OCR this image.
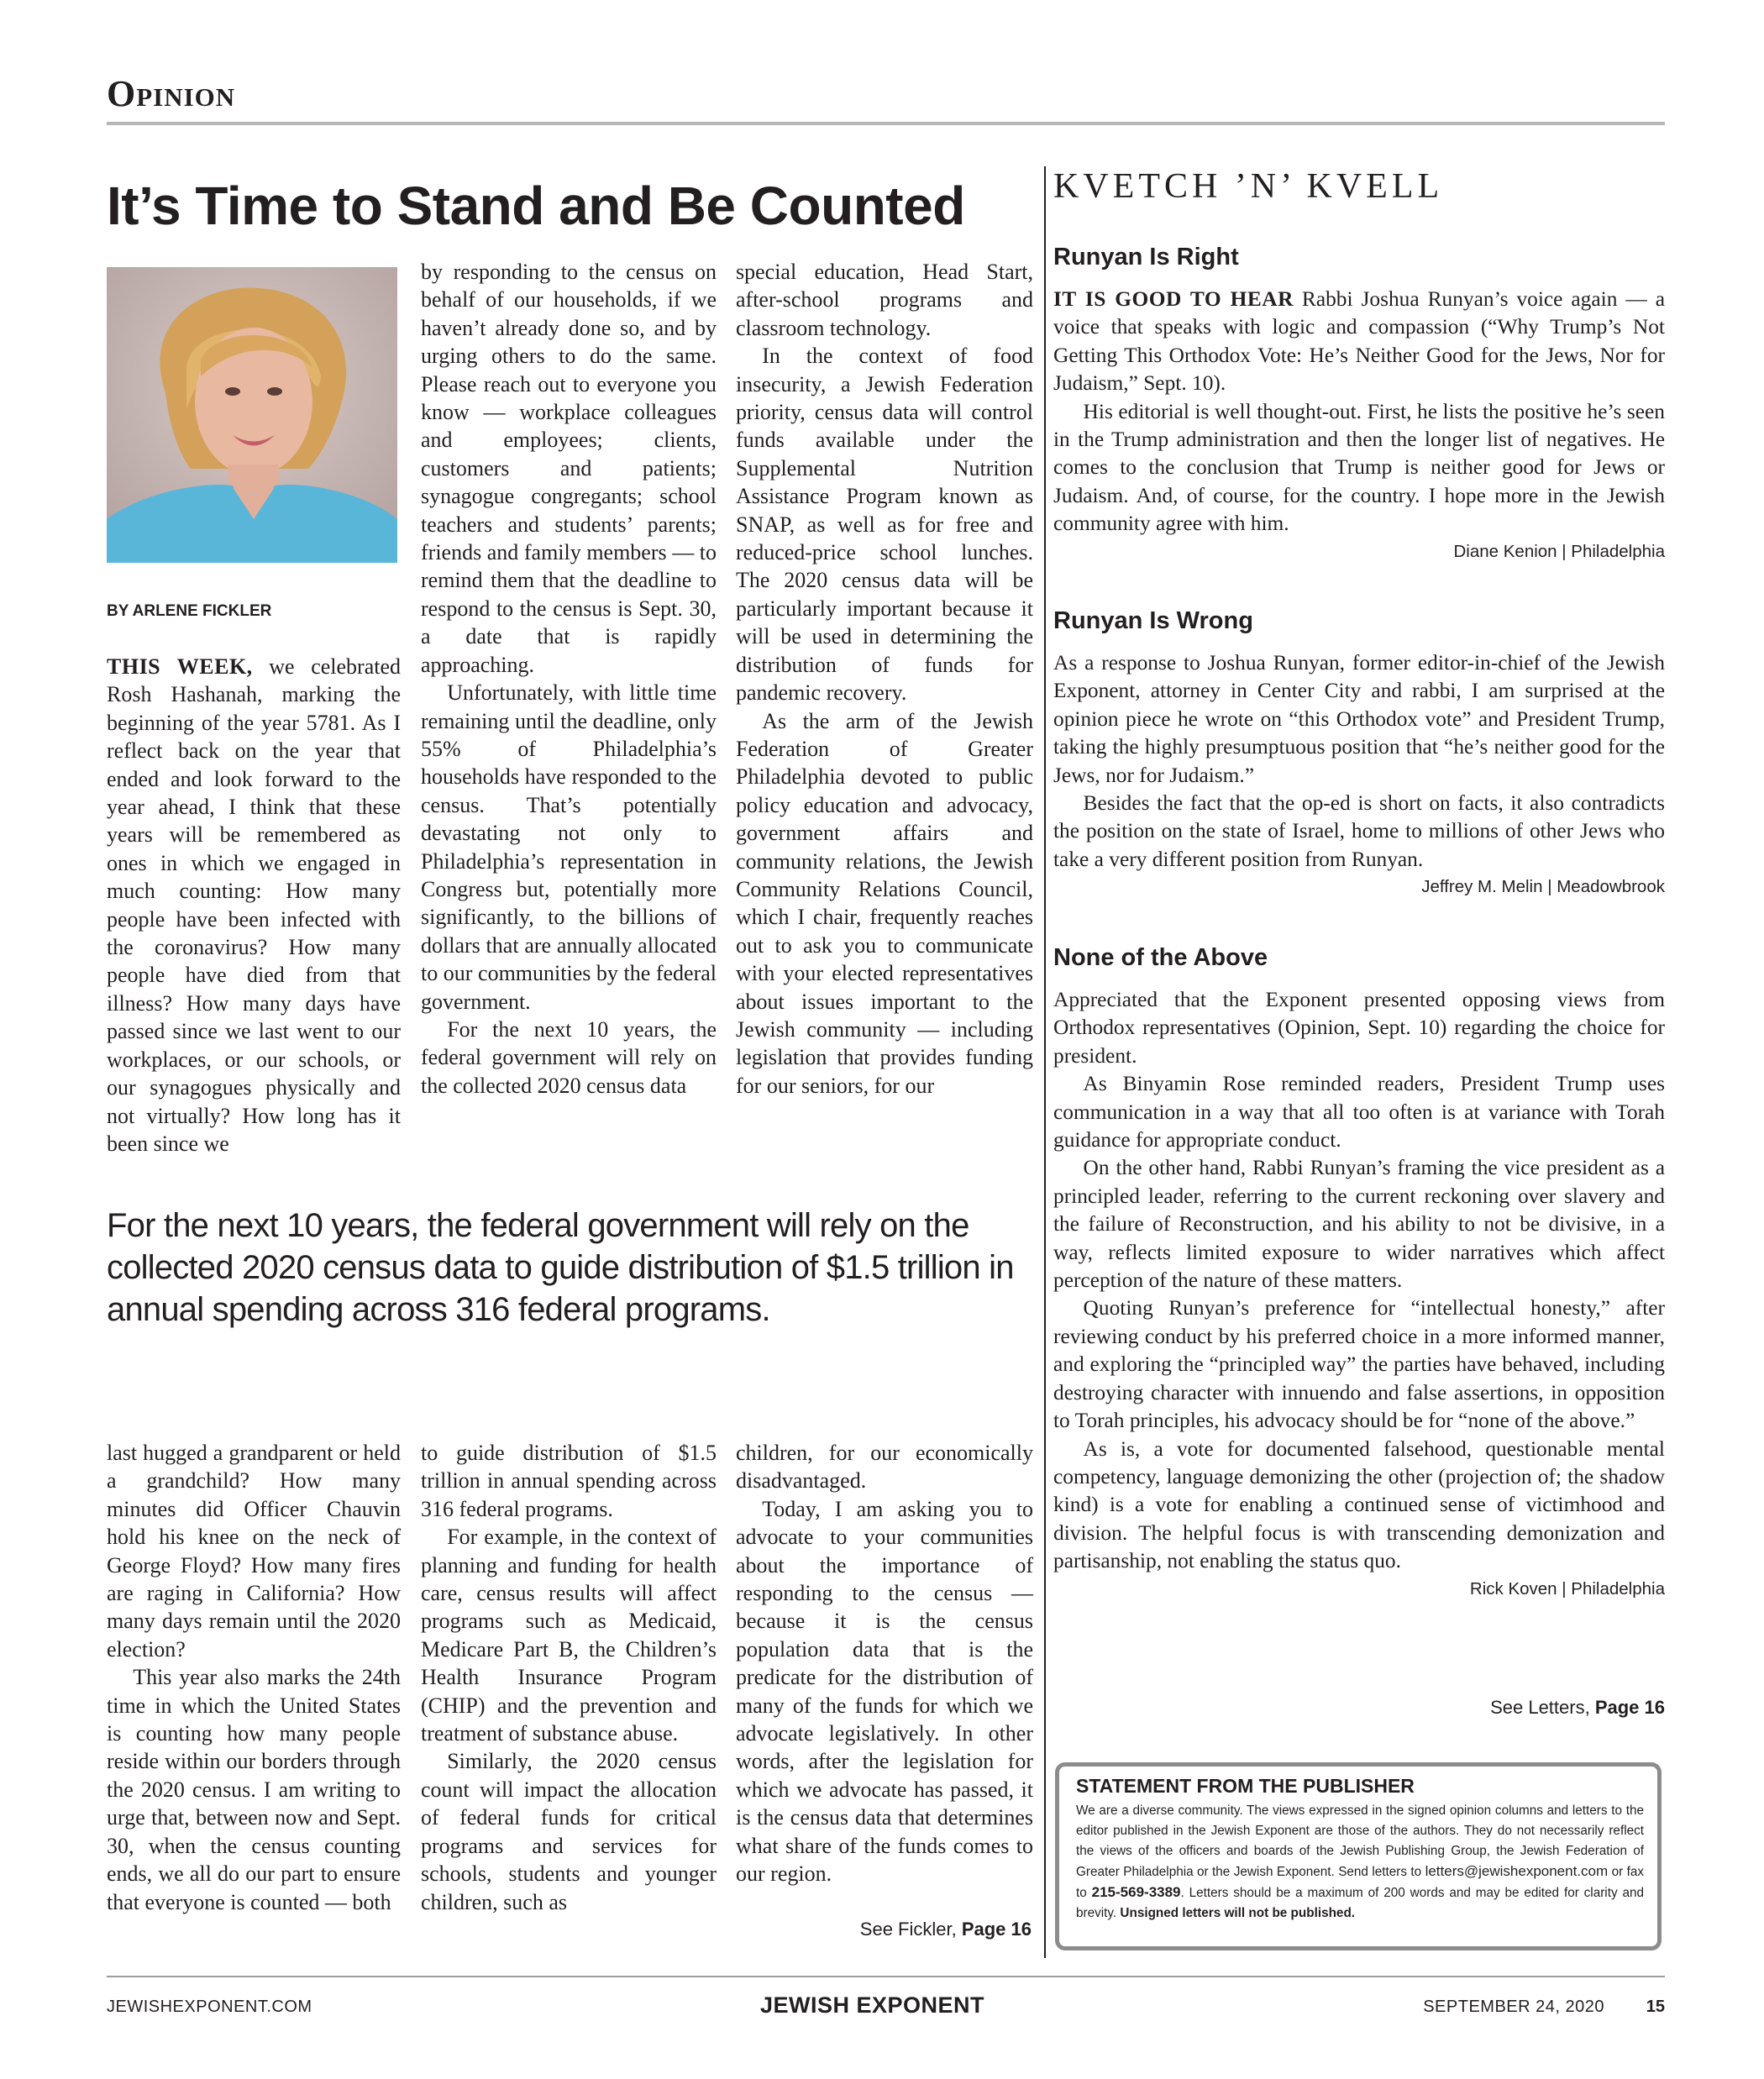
Opinion
It’s Time to Stand and Be Counted
BY ARLENE FICKLER

THIS WEEK, we celebrated Rosh Hashanah, marking the beginning of the year 5781. As I reflect back on the year that ended and look forward to the year ahead, I think that these years will be remembered as ones in which we engaged in much counting: How many people have been infected with the coronavirus? How many people have died from that illness? How many days have passed since we last went to our workplaces, or our schools, or our synagogues physically and not virtually? How long has it been since we

by responding to the census on behalf of our households, if we haven’t already done so, and by urging others to do the same. Please reach out to everyone you know — workplace colleagues and employees; clients, customers and patients; synagogue congregants; school teachers and students’ parents; friends and family members — to remind them that the deadline to respond to the census is Sept. 30, a date that is rapidly approaching.

Unfortunately, with little time remaining until the deadline, only 55% of Philadelphia’s households have responded to the census. That’s potentially devastating not only to Philadelphia’s representation in Congress but, potentially more significantly, to the billions of dollars that are annually allocated to our communities by the federal government.

For the next 10 years, the federal government will rely on the collected 2020 census data

special education, Head Start, after-school programs and classroom technology.

In the context of food insecurity, a Jewish Federation priority, census data will control funds available under the Supplemental Nutrition Assistance Program known as SNAP, as well as for free and reduced-price school lunches. The 2020 census data will be particularly important because it will be used in determining the distribution of funds for pandemic recovery.

As the arm of the Jewish Federation of Greater Philadelphia devoted to public policy education and advocacy, government affairs and community relations, the Jewish Community Relations Council, which I chair, frequently reaches out to ask you to communicate with your elected representatives about issues important to the Jewish community — including legislation that provides funding for our seniors, for our

For the next 10 years, the federal government will rely on the collected 2020 census data to guide distribution of $1.5 trillion in annual spending across 316 federal programs.

last hugged a grandparent or held a grandchild? How many minutes did Officer Chauvin hold his knee on the neck of George Floyd? How many fires are raging in California? How many days remain until the 2020 election?

This year also marks the 24th time in which the United States is counting how many people reside within our borders through the 2020 census. I am writing to urge that, between now and Sept. 30, when the census counting ends, we all do our part to ensure that everyone is counted — both

to guide distribution of $1.5 trillion in annual spending across 316 federal programs.

For example, in the context of planning and funding for health care, census results will affect programs such as Medicaid, Medicare Part B, the Children’s Health Insurance Program (CHIP) and the prevention and treatment of substance abuse.

Similarly, the 2020 census count will impact the allocation of federal funds for critical programs and services for schools, students and younger children, such as

children, for our economically disadvantaged.

Today, I am asking you to advocate to your communities about the importance of responding to the census — because it is the census population data that is the predicate for the distribution of many of the funds for which we advocate legislatively. In other words, after the legislation for which we advocate has passed, it is the census data that determines what share of the funds comes to our region.

See Fickler, Page 16
KVETCH ’N’ KVELL
Runyan Is Right

IT IS GOOD TO HEAR Rabbi Joshua Runyan’s voice again — a voice that speaks with logic and compassion (“Why Trump’s Not Getting This Orthodox Vote: He’s Neither Good for the Jews, Nor for Judaism,” Sept. 10).

His editorial is well thought-out. First, he lists the positive he’s seen in the Trump administration and then the longer list of negatives. He comes to the conclusion that Trump is neither good for Jews or Judaism. And, of course, for the country. I hope more in the Jewish community agree with him.

Diane Kenion | Philadelphia
Runyan Is Wrong

As a response to Joshua Runyan, former editor-in-chief of the Jewish Exponent, attorney in Center City and rabbi, I am surprised at the opinion piece he wrote on “this Orthodox vote” and President Trump, taking the highly presumptuous position that “he’s neither good for the Jews, nor for Judaism.”

Besides the fact that the op-ed is short on facts, it also contradicts the position on the state of Israel, home to millions of other Jews who take a very different position from Runyan.

Jeffrey M. Melin | Meadowbrook
None of the Above

Appreciated that the Exponent presented opposing views from Orthodox representatives (Opinion, Sept. 10) regarding the choice for president.

As Binyamin Rose reminded readers, President Trump uses communication in a way that all too often is at variance with Torah guidance for appropriate conduct.

On the other hand, Rabbi Runyan’s framing the vice president as a principled leader, referring to the current reckoning over slavery and the failure of Reconstruction, and his ability to not be divisive, in a way, reflects limited exposure to wider narratives which affect perception of the nature of these matters.

Quoting Runyan’s preference for “intellectual honesty,” after reviewing conduct by his preferred choice in a more informed manner, and exploring the “principled way” the parties have behaved, including destroying character with innuendo and false assertions, in opposition to Torah principles, his advocacy should be for “none of the above.”

As is, a vote for documented falsehood, questionable mental competency, language demonizing the other (projection of; the shadow kind) is a vote for enabling a continued sense of victimhood and division. The helpful focus is with transcending demonization and partisanship, not enabling the status quo.

Rick Koven | Philadelphia
See Letters, Page 16
STATEMENT FROM THE PUBLISHER

We are a diverse community. The views expressed in the signed opinion columns and letters to the editor published in the Jewish Exponent are those of the authors. They do not necessarily reflect the views of the officers and boards of the Jewish Publishing Group, the Jewish Federation of Greater Philadelphia or the Jewish Exponent. Send letters to letters@jewishexponent.com or fax to 215-569-3389. Letters should be a maximum of 200 words and may be edited for clarity and brevity. Unsigned letters will not be published.

JEWISHEXPONENT.COM	JEWISH EXPONENT	SEPTEMBER 24, 2020 15
